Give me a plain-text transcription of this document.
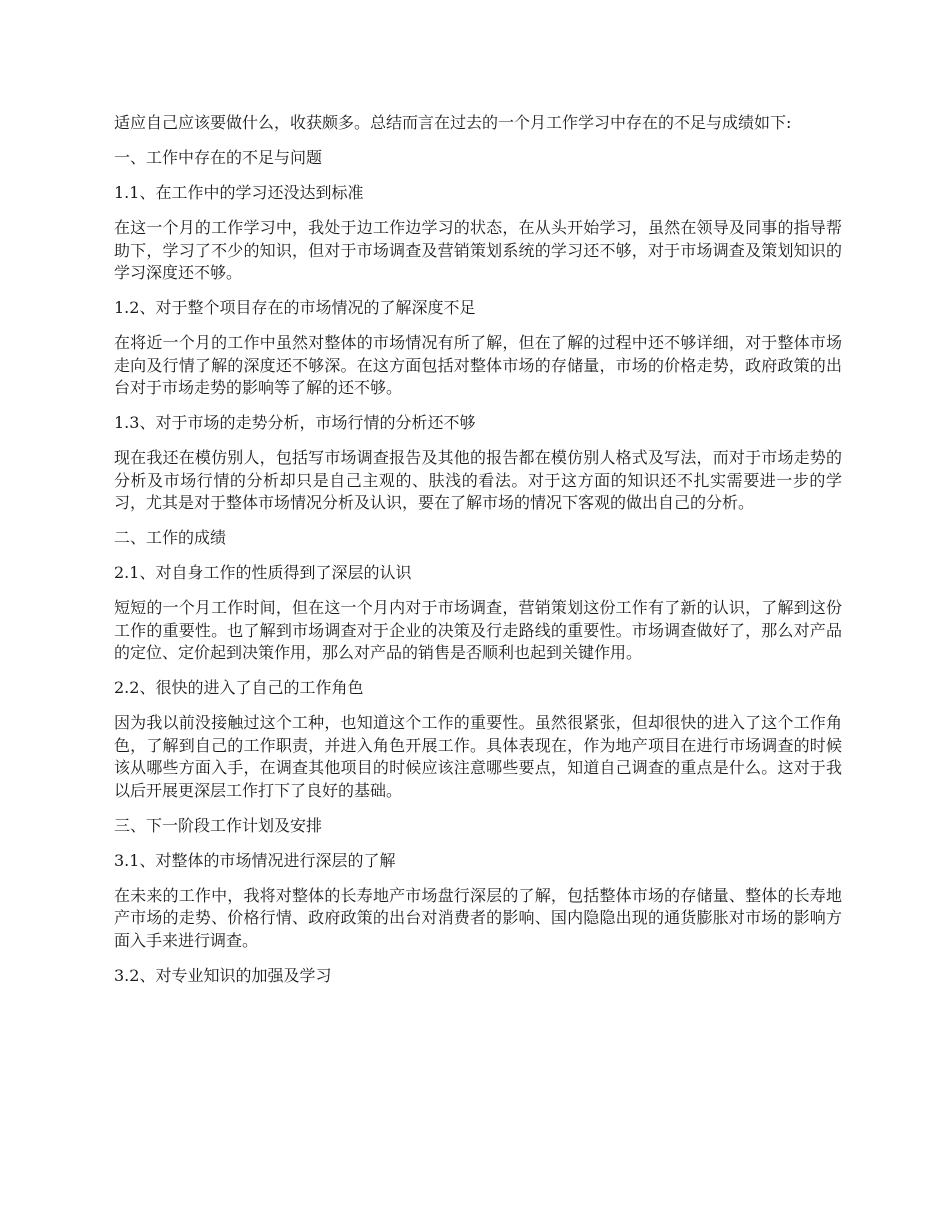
适应自己应该要做什么，收获颇多。总结而言在过去的一个月工作学习中存在的不足与成绩如下:

一、工作中存在的不足与问题

1.1、在工作中的学习还没达到标准

在这一个月的工作学习中，我处于边工作边学习的状态，在从头开始学习，虽然在领导及同事的指导帮助下，学习了不少的知识，但对于市场调查及营销策划系统的学习还不够，对于市场调查及策划知识的学习深度还不够。

1.2、对于整个项目存在的市场情况的了解深度不足

在将近一个月的工作中虽然对整体的市场情况有所了解，但在了解的过程中还不够详细，对于整体市场走向及行情了解的深度还不够深。在这方面包括对整体市场的存储量，市场的价格走势，政府政策的出台对于市场走势的影响等了解的还不够。

1.3、对于市场的走势分析，市场行情的分析还不够

现在我还在模仿别人，包括写市场调查报告及其他的报告都在模仿别人格式及写法，而对于市场走势的分析及市场行情的分析却只是自己主观的、肤浅的看法。对于这方面的知识还不扎实需要进一步的学习，尤其是对于整体市场情况分析及认识，要在了解市场的情况下客观的做出自己的分析。

二、工作的成绩

2.1、对自身工作的性质得到了深层的认识

短短的一个月工作时间，但在这一个月内对于市场调查，营销策划这份工作有了新的认识，了解到这份工作的重要性。也了解到市场调查对于企业的决策及行走路线的重要性。市场调查做好了，那么对产品的定位、定价起到决策作用，那么对产品的销售是否顺利也起到关键作用。

2.2、很快的进入了自己的工作角色

因为我以前没接触过这个工种，也知道这个工作的重要性。虽然很紧张，但却很快的进入了这个工作角色，了解到自己的工作职责，并进入角色开展工作。具体表现在，作为地产项目在进行市场调查的时候该从哪些方面入手，在调查其他项目的时候应该注意哪些要点，知道自己调查的重点是什么。这对于我以后开展更深层工作打下了良好的基础。

三、下一阶段工作计划及安排

3.1、对整体的市场情况进行深层的了解

在未来的工作中，我将对整体的长寿地产市场盘行深层的了解，包括整体市场的存储量、整体的长寿地产市场的走势、价格行情、政府政策的出台对消费者的影响、国内隐隐出现的通货膨胀对市场的影响方面入手来进行调查。

3.2、对专业知识的加强及学习
